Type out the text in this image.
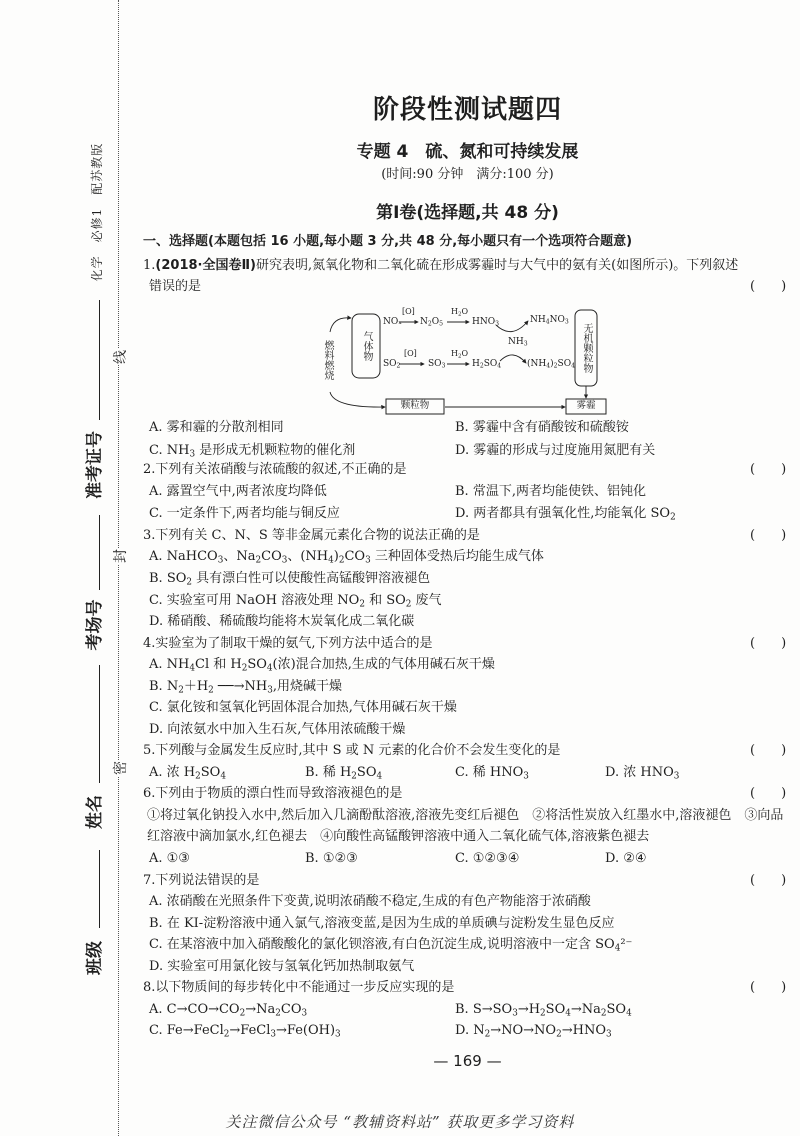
化学　必修1　配苏教版
线
封
密
准考证号
考场号
姓名
班级
阶段性测试题四
专题 4　硫、氮和可持续发展
(时间:90 分钟　满分:100 分)
第Ⅰ卷(选择题,共 48 分)
一、选择题(本题包括 16 小题,每小题 3 分,共 48 分,每小题只有一个选项符合题意)
1.(2018·全国卷Ⅱ)研究表明,氮氧化物和二氧化硫在形成雾霾时与大气中的氨有关(如图所示)。下列叙述
错误的是	(　　)
燃料燃烧	气体物	无机颗粒物
NOₓ
[O]
$N_2O_5$
$H_2O$
$HNO_3$	$NH_4NO_3$
$NH_3$
$SO_2$
[O]
$SO_3$
$H_2O$
$H_2SO_4$	$(NH_4)_2SO_4$
颗粒物	雾霾
A. 雾和霾的分散剂相同	B. 雾霾中含有硝酸铵和硫酸铵
C. $NH_3$ 是形成无机颗粒物的催化剂	D. 雾霾的形成与过度施用氮肥有关
2.下列有关浓硝酸与浓硫酸的叙述,不正确的是	(　　)
A. 露置空气中,两者浓度均降低	B. 常温下,两者均能使铁、铝钝化
C. 一定条件下,两者均能与铜反应	D. 两者都具有强氧化性,均能氧化 $SO_2$
3.下列有关 C、N、S 等非金属元素化合物的说法正确的是	(　　)
A. NaHCO$_3$、$Na_2CO_3$、$(NH_4)_2CO_3$ 三种固体受热后均能生成气体
B. $SO_2$ 具有漂白性可以使酸性高锰酸钾溶液褪色
C. 实验室可用 NaOH 溶液处理 $NO_2$ 和 $SO_2$ 废气
D. 稀硝酸、稀硫酸均能将木炭氧化成二氧化碳
4.实验室为了制取干燥的氨气,下列方法中适合的是	(　　)
A. $NH_4Cl$ 和 $H_2SO_4$(浓)混合加热,生成的气体用碱石灰干燥
B. $N_2+H_2$ $──\to NH_3$,用烧碱干燥
C. 氯化铵和氢氧化钙固体混合加热,气体用碱石灰干燥
D. 向浓氨水中加入生石灰,气体用浓硫酸干燥
5.下列酸与金属发生反应时,其中 S 或 N 元素的化合价不会发生变化的是	(　　)
A. 浓 $H_2SO_4$	B. 稀 $H_2SO_4$	C. 稀 $HNO_3$	D. 浓 $HNO_3$
6.下列由于物质的漂白性而导致溶液褪色的是	(　　)
①将过氧化钠投入水中,然后加入几滴酚酞溶液,溶液先变红后褪色　②将活性炭放入红墨水中,溶液褪色　③向品
红溶液中滴加氯水,红色褪去　④向酸性高锰酸钾溶液中通入二氧化硫气体,溶液紫色褪去
A. ①③	B. ①②③	C. ①②③④	D. ②④
7.下列说法错误的是	(　　)
A. 浓硝酸在光照条件下变黄,说明浓硝酸不稳定,生成的有色产物能溶于浓硝酸
B. 在 KI-淀粉溶液中通入氯气,溶液变蓝,是因为生成的单质碘与淀粉发生显色反应
C. 在某溶液中加入硝酸酸化的氯化钡溶液,有白色沉淀生成,说明溶液中一定含 $SO_4^{2-}$
D. 实验室可用氯化铵与氢氧化钙加热制取氨气
8.以下物质间的每步转化中不能通过一步反应实现的是	(　　)
A. $C\to CO\to CO_2\to Na_2CO_3$	B. $S\to SO_3\to H_2SO_4\to Na_2SO_4$
C. $Fe\to FeCl_2\to FeCl_3\to Fe(OH)_3$	D. $N_2\to NO\to NO_2\to HNO_3$
— 169 —
关注微信公众号 “教辅资料站” 获取更多学习资料
